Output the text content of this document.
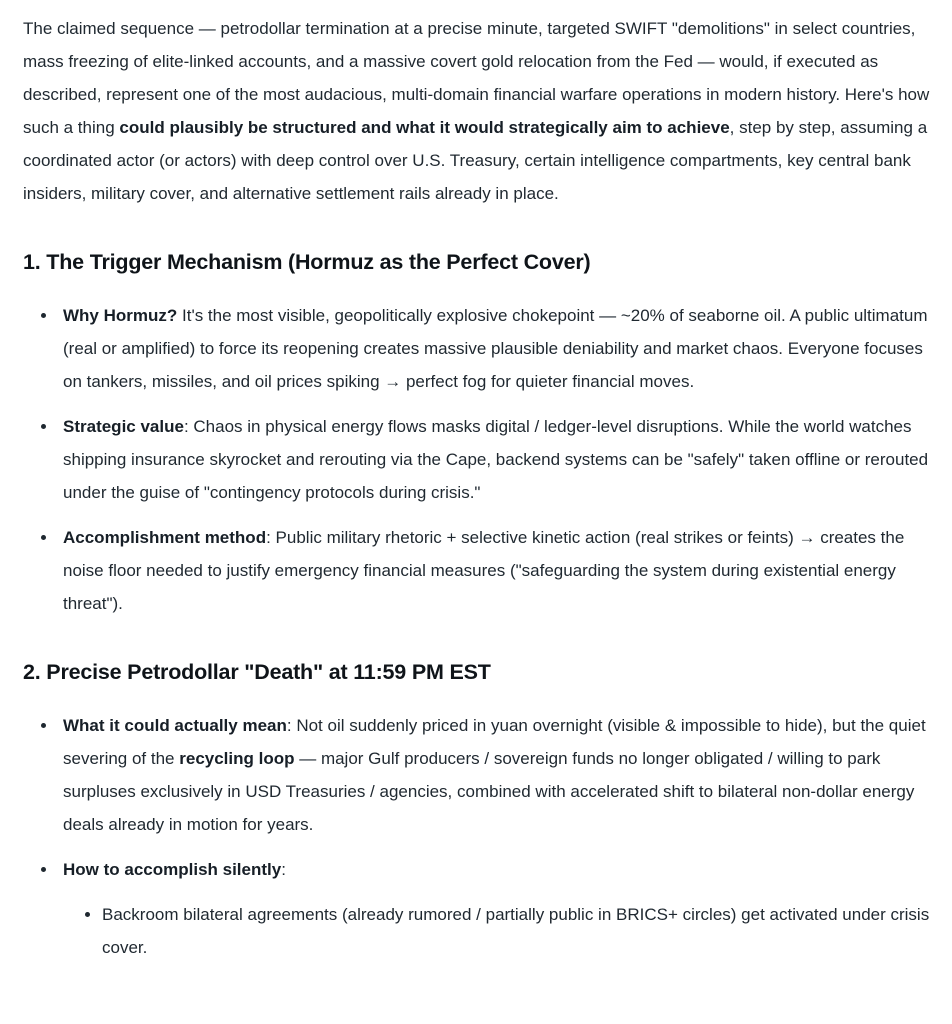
The claimed sequence — petrodollar termination at a precise minute, targeted SWIFT "demolitions" in select countries, mass freezing of elite-linked accounts, and a massive covert gold relocation from the Fed — would, if executed as described, represent one of the most audacious, multi-domain financial warfare operations in modern history. Here's how such a thing could plausibly be structured and what it would strategically aim to achieve, step by step, assuming a coordinated actor (or actors) with deep control over U.S. Treasury, certain intelligence compartments, key central bank insiders, military cover, and alternative settlement rails already in place.

1. The Trigger Mechanism (Hormuz as the Perfect Cover)
Why Hormuz? It's the most visible, geopolitically explosive chokepoint — ~20% of seaborne oil. A public ultimatum (real or amplified) to force its reopening creates massive plausible deniability and market chaos. Everyone focuses on tankers, missiles, and oil prices spiking → perfect fog for quieter financial moves.
Strategic value: Chaos in physical energy flows masks digital / ledger-level disruptions. While the world watches shipping insurance skyrocket and rerouting via the Cape, backend systems can be "safely" taken offline or rerouted under the guise of "contingency protocols during crisis."
Accomplishment method: Public military rhetoric + selective kinetic action (real strikes or feints) → creates the noise floor needed to justify emergency financial measures ("safeguarding the system during existential energy threat").
2. Precise Petrodollar "Death" at 11:59 PM EST
What it could actually mean: Not oil suddenly priced in yuan overnight (visible & impossible to hide), but the quiet severing of the recycling loop — major Gulf producers / sovereign funds no longer obligated / willing to park surpluses exclusively in USD Treasuries / agencies, combined with accelerated shift to bilateral non-dollar energy deals already in motion for years.
How to accomplish silently:
Backroom bilateral agreements (already rumored / partially public in BRICS+ circles) get activated under crisis cover.
